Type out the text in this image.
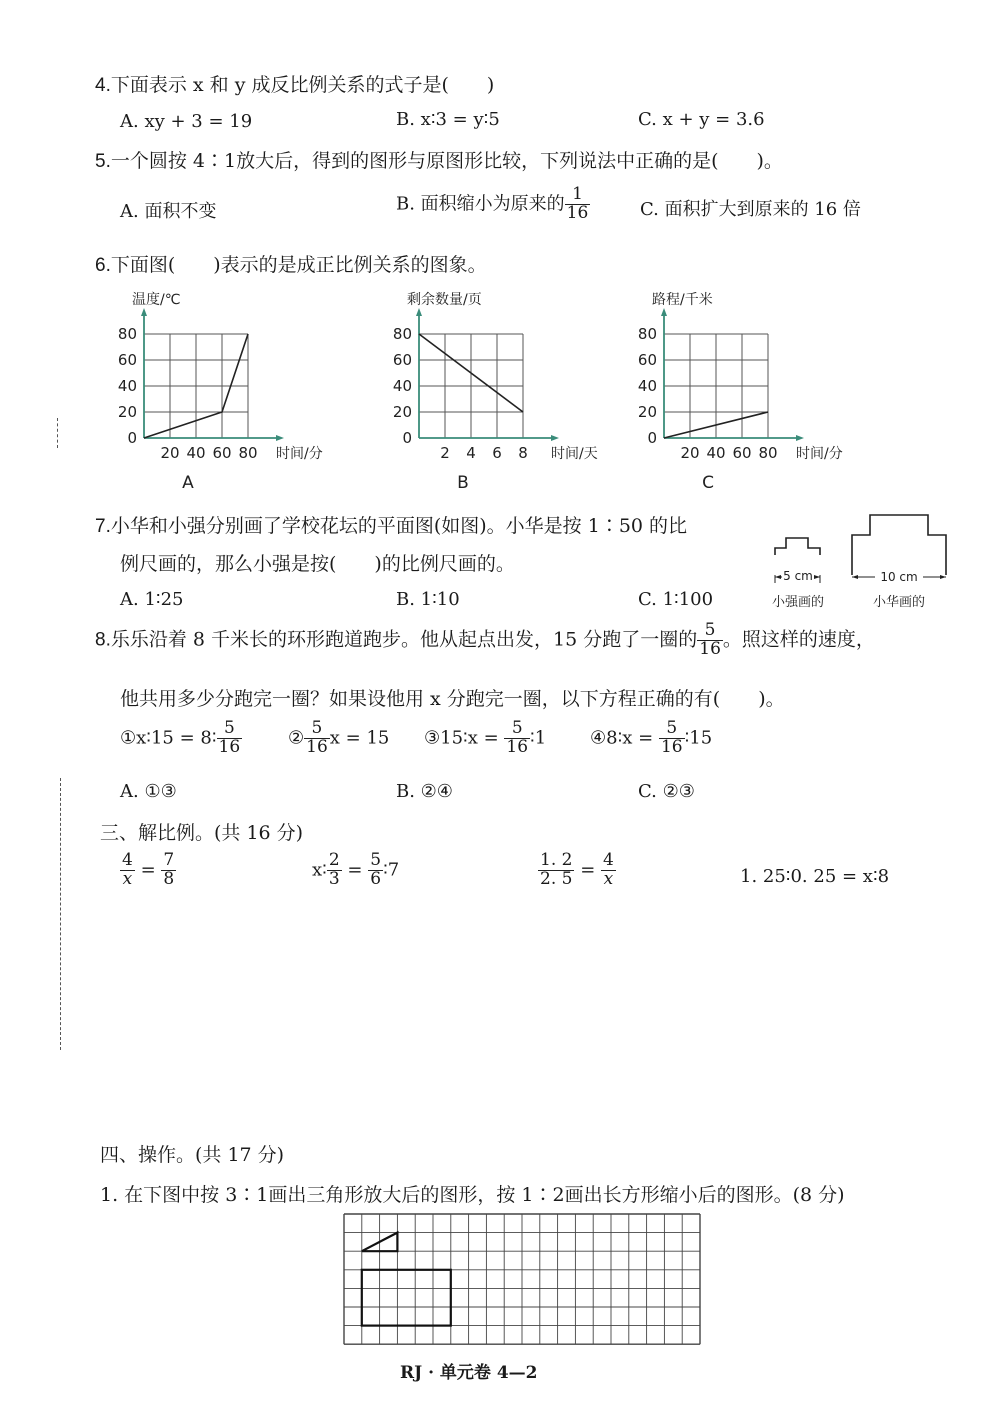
4.下面表示 x 和 y 成反比例关系的式子是(　　)
A. xy + 3 = 19	B. x∶3 = y∶5	C. x + y = 3.6
5.一个圆按 4∶1放大后，得到的图形与原图形比较，下列说法中正确的是(　　)。
A. 面积不变	B. 面积缩小为原来的 $\frac{1}{16}$	C. 面积扩大到原来的 16 倍
6.下面图(　　)表示的是成正比例关系的图象。
0
20
40
60
80
20 40 60 80
温度/℃
时间/分
A
0
20
40
60
80
2 4 6 8
剩余数量/页
时间/天
B
0
20
40
60
80
20 40 60 80
路程/千米
时间/分
C
7.小华和小强分别画了学校花坛的平面图(如图)。小华是按 1∶50 的比
例尺画的，那么小强是按(　　)的比例尺画的。
A. 1∶25	B. 1∶10	C. 1∶100
5 cm
小强画的
10 cm
小华画的
8.乐乐沿着 8 千米长的环形跑道跑步。他从起点出发，15 分跑了一圈的 $\frac{5}{16}$ 。照这样的速度，
他共用多少分跑完一圈？如果设他用 x 分跑完一圈，以下方程正确的有(　　)。
①x∶15 = 8∶ $\frac{5}{16}$	② $\frac{5}{16}$ x = 15 ③15∶x = $\frac{5}{16}$ ∶1 ④8∶x = $\frac{5}{16}$ ∶15
A. ①③	B. ②④	C. ②③
三、解比例。(共 16 分)
$\frac{4}{x} = \frac{7}{8}$	x∶ $\frac{2}{3} = \frac{5}{6}$ ∶7	$\frac{1. 2}{2. 5} = \frac{4}{x}$	1. 25∶0. 25 = x∶8
四、操作。(共 17 分)
1. 在下图中按 3∶1画出三角形放大后的图形，按 1∶2画出长方形缩小后的图形。(8 分)
RJ · 单元卷 4—2
